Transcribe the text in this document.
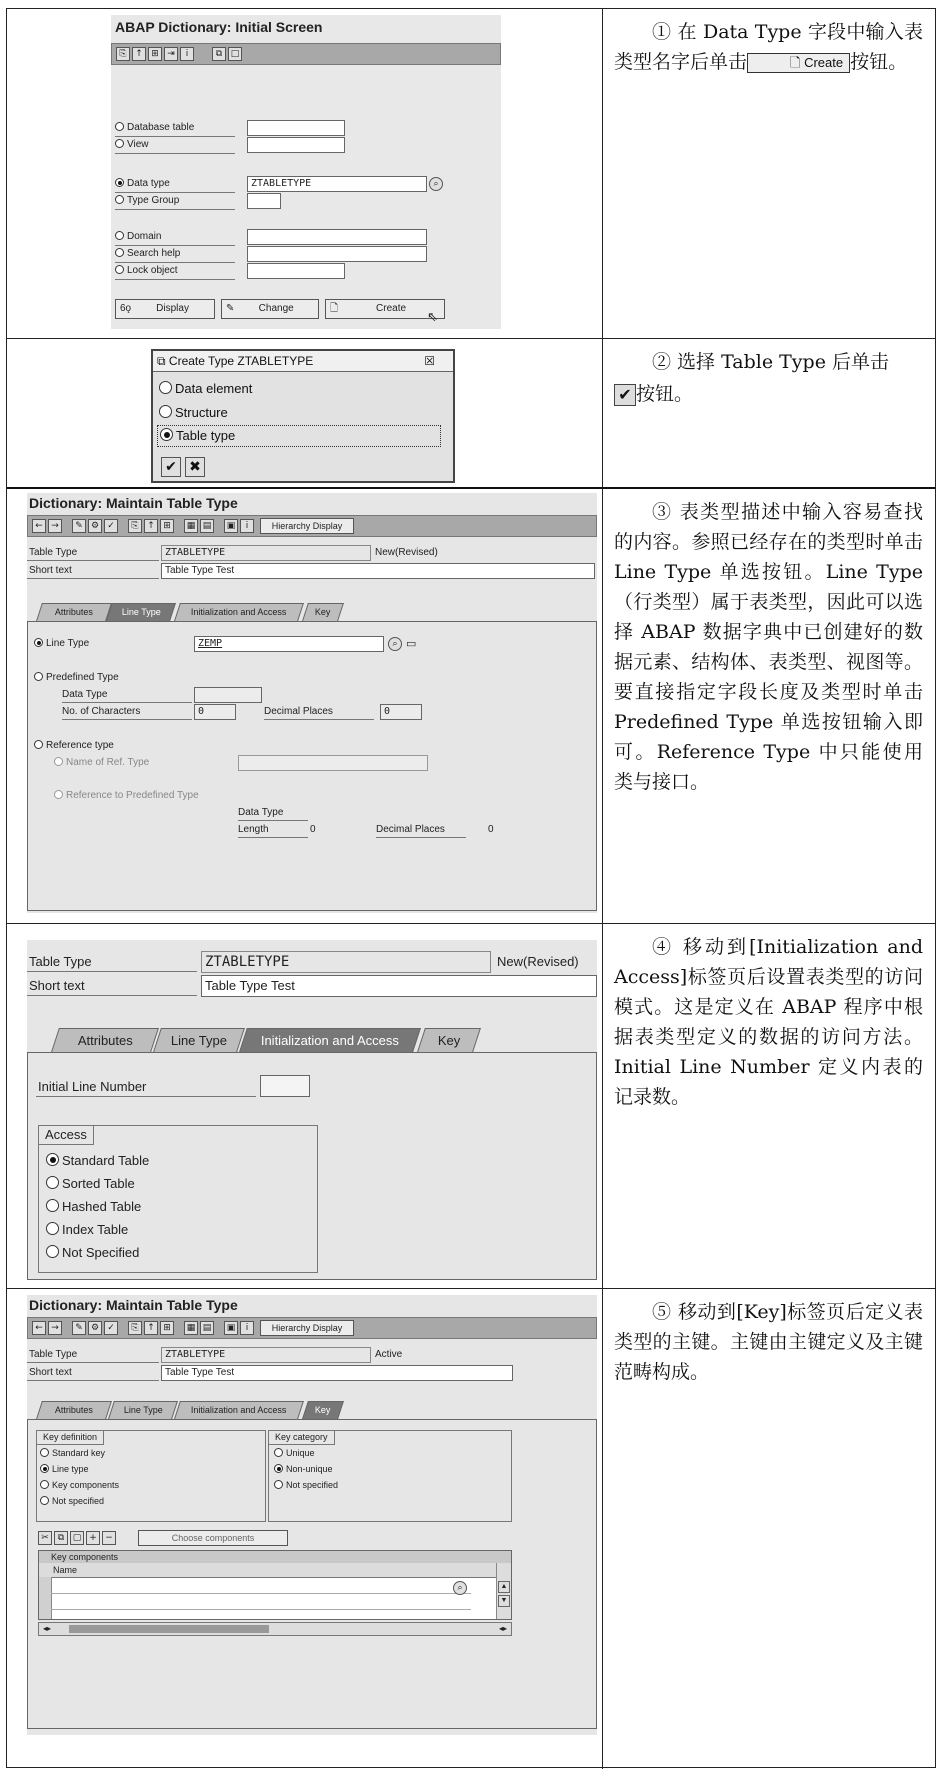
ABAP Dictionary: Initial Screen
⎘ ↑ ⊞ ⇥	i	⧉ □
Database table
View
Data type	ZTABLETYPE	⌕
Type Group
Domain
Search help
Lock object
6ǫ	Display	✎ Change	🗋	Create
⇖

① 在 Data Type 字段中输入表类型名字后单击	🗋 Create 按钮。

⧉ Create Type ZTABLETYPE	☒
Data element
Structure
Table type
✔ ✖

② 选择 Table Type 后单击

✔ 按钮。
Dictionary: Maintain Table Type
← →	✎ ⚙ ✓	⎘ ↑ ⊞	▦ ▤	▣	i	Hierarchy Display
Table Type	ZTABLETYPE	New(Revised)
Short text	Table Type Test
Attributes	Line Type	Initialization and Access	Key
Line Type	ZEMP	⌕ ▭
Predefined Type
Data Type
No. of Characters	0	Decimal Places	0
Reference type
Name of Ref. Type
Reference to Predefined Type
Data Type
Length	0	Decimal Places	0

③ 表类型描述中输入容易查找的内容。参照已经存在的类型时单击 Line Type 单选按钮。Line Type（行类型）属于表类型，因此可以选择 ABAP 数据字典中已创建好的数据元素、结构体、表类型、视图等。要直接指定字段长度及类型时单击 Predefined Type 单选按钮输入即可。Reference Type 中只能使用类与接口。

Table Type	ZTABLETYPE	New(Revised)
Short text	Table Type Test
Attributes	Line Type	Initialization and Access	Key
Initial Line Number
Access
Standard Table
Sorted Table
Hashed Table
Index Table
Not Specified

④ 移动到[Initialization and Access]标签页后设置表类型的访问模式。这是定义在 ABAP 程序中根据表类型定义的数据的访问方法。Initial Line Number 定义内表的记录数。

Dictionary: Maintain Table Type
← →	✎ ⚙ ✓	⎘ ↑ ⊞	▦ ▤	▣	i	Hierarchy Display
Table Type	ZTABLETYPE	Active
Short text	Table Type Test
Attributes	Line Type	Initialization and Access	Key
Key definition
Standard key
Line type
Key components
Not specified
Key category
Unique
Non-unique
Not specified
✂	⧉ ▢ + −	Choose components
Key components
Name
⌕	▲
▼
◂▸	◂▸

⑤ 移动到[Key]标签页后定义表类型的主键。主键由主键定义及主键范畴构成。
